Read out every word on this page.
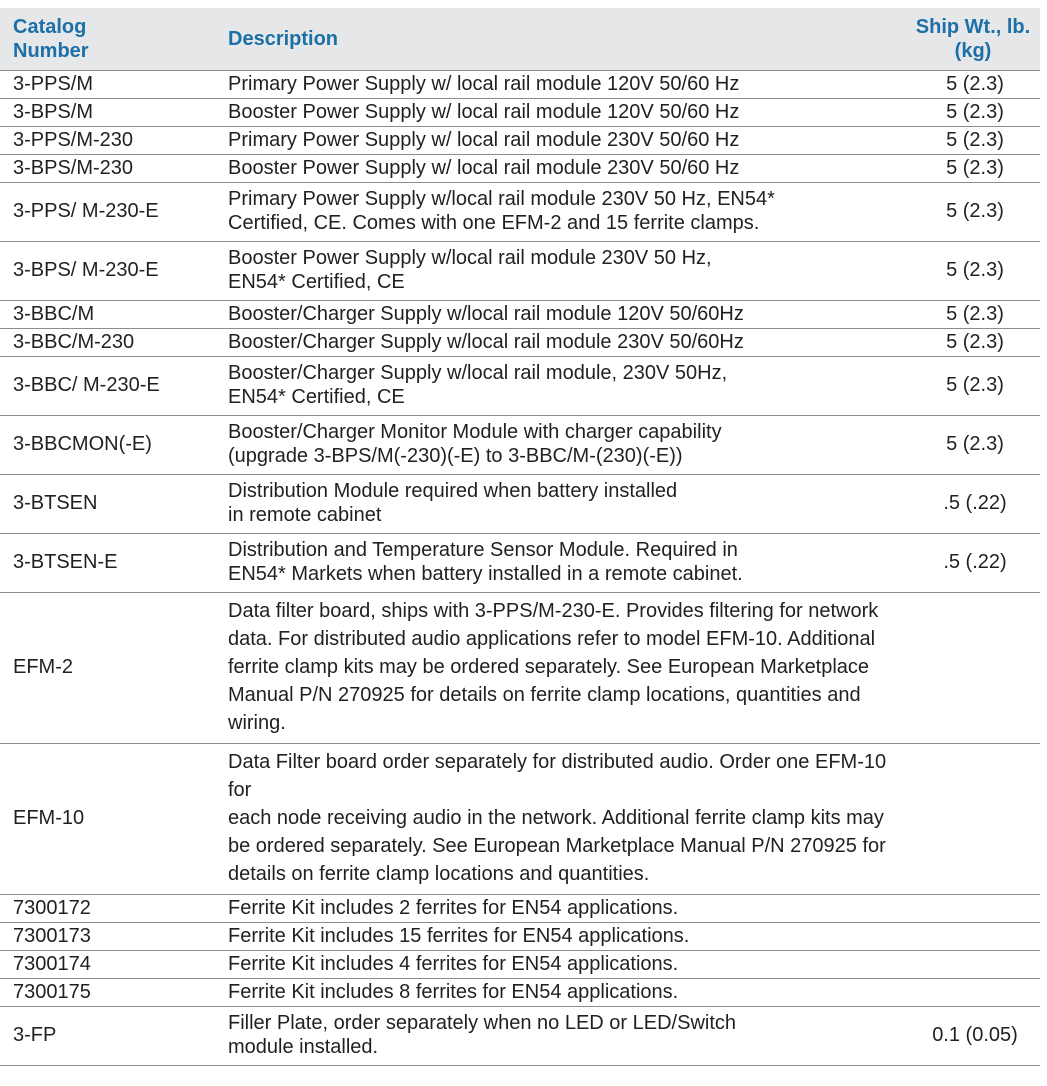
Catalog
Number	Description	Ship Wt., lb.
(kg)
3-PPS/M	Primary Power Supply w/ local rail module 120V 50/60 Hz	5 (2.3)
3-BPS/M	Booster Power Supply w/ local rail module 120V 50/60 Hz	5 (2.3)
3-PPS/M-230	Primary Power Supply w/ local rail module 230V 50/60 Hz	5 (2.3)
3-BPS/M-230	Booster Power Supply w/ local rail module 230V 50/60 Hz	5 (2.3)
3-PPS/ M-230-E	Primary Power Supply w/local rail module 230V 50 Hz, EN54*
Certified, CE. Comes with one EFM-2 and 15 ferrite clamps.	5 (2.3)
3-BPS/ M-230-E	Booster Power Supply w/local rail module 230V 50 Hz,
EN54* Certified, CE	5 (2.3)
3-BBC/M	Booster/Charger Supply w/local rail module 120V 50/60Hz	5 (2.3)
3-BBC/M-230	Booster/Charger Supply w/local rail module 230V 50/60Hz	5 (2.3)
3-BBC/ M-230-E	Booster/Charger Supply w/local rail module, 230V 50Hz,
EN54* Certified, CE	5 (2.3)
3-BBCMON(-E)	Booster/Charger Monitor Module with charger capability
(upgrade 3-BPS/M(-230)(-E) to 3-BBC/M-(230)(-E))	5 (2.3)
3-BTSEN	Distribution Module required when battery installed
in remote cabinet	.5 (.22)
3-BTSEN-E	Distribution and Temperature Sensor Module. Required in
EN54* Markets when battery installed in a remote cabinet.	.5 (.22)
EFM-2	Data filter board, ships with 3-PPS/M-230-E. Provides filtering for network
data. For distributed audio applications refer to model EFM-10. Additional
ferrite clamp kits may be ordered separately. See European Marketplace
Manual P/N 270925 for details on ferrite clamp locations, quantities and
wiring.	
EFM-10	Data Filter board order separately for distributed audio. Order one EFM-10 for
each node receiving audio in the network. Additional ferrite clamp kits may
be ordered separately. See European Marketplace Manual P/N 270925 for
details on ferrite clamp locations and quantities.	
7300172	Ferrite Kit includes 2 ferrites for EN54 applications.	
7300173	Ferrite Kit includes 15 ferrites for EN54 applications.	
7300174	Ferrite Kit includes 4 ferrites for EN54 applications.	
7300175	Ferrite Kit includes 8 ferrites for EN54 applications.	
3-FP	Filler Plate, order separately when no LED or LED/Switch
module installed.	0.1 (0.05)
